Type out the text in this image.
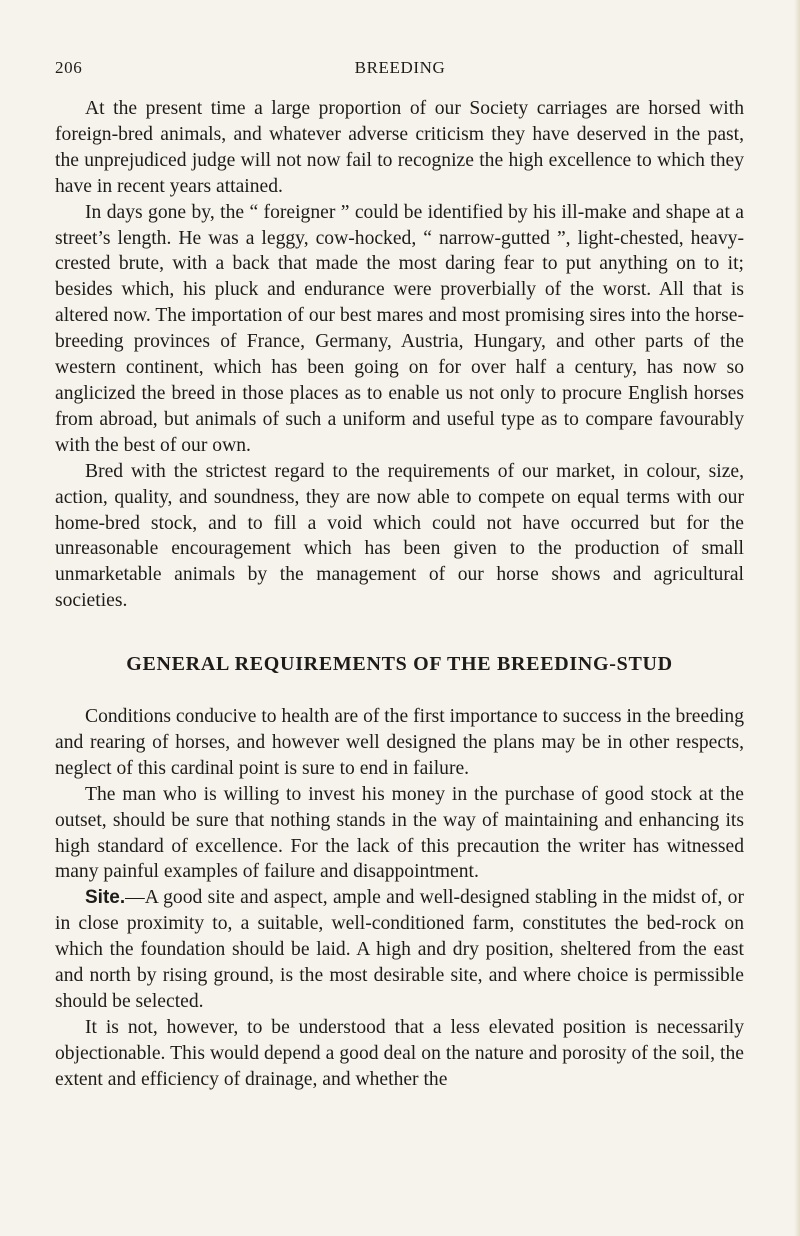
206	BREEDING

At the present time a large proportion of our Society carriages are horsed with foreign-bred animals, and whatever adverse criticism they have deserved in the past, the unprejudiced judge will not now fail to recognize the high excellence to which they have in recent years attained.

In days gone by, the “ foreigner ” could be identified by his ill-make and shape at a street’s length. He was a leggy, cow-hocked, “ narrow-gutted ”, light-chested, heavy-crested brute, with a back that made the most daring fear to put anything on to it; besides which, his pluck and endurance were proverbially of the worst. All that is altered now. The importation of our best mares and most promising sires into the horse-breeding provinces of France, Germany, Austria, Hungary, and other parts of the western continent, which has been going on for over half a century, has now so anglicized the breed in those places as to enable us not only to procure English horses from abroad, but animals of such a uniform and useful type as to compare favourably with the best of our own.

Bred with the strictest regard to the requirements of our market, in colour, size, action, quality, and soundness, they are now able to compete on equal terms with our home-bred stock, and to fill a void which could not have occurred but for the unreasonable encouragement which has been given to the production of small unmarketable animals by the management of our horse shows and agricultural societies.

GENERAL REQUIREMENTS OF THE BREEDING-STUD

Conditions conducive to health are of the first importance to success in the breeding and rearing of horses, and however well designed the plans may be in other respects, neglect of this cardinal point is sure to end in failure.

The man who is willing to invest his money in the purchase of good stock at the outset, should be sure that nothing stands in the way of maintaining and enhancing its high standard of excellence. For the lack of this precaution the writer has witnessed many painful examples of failure and disappointment.

Site.—A good site and aspect, ample and well-designed stabling in the midst of, or in close proximity to, a suitable, well-conditioned farm, constitutes the bed-rock on which the foundation should be laid. A high and dry position, sheltered from the east and north by rising ground, is the most desirable site, and where choice is permissible should be selected.

It is not, however, to be understood that a less elevated position is necessarily objectionable. This would depend a good deal on the nature and porosity of the soil, the extent and efficiency of drainage, and whether the
